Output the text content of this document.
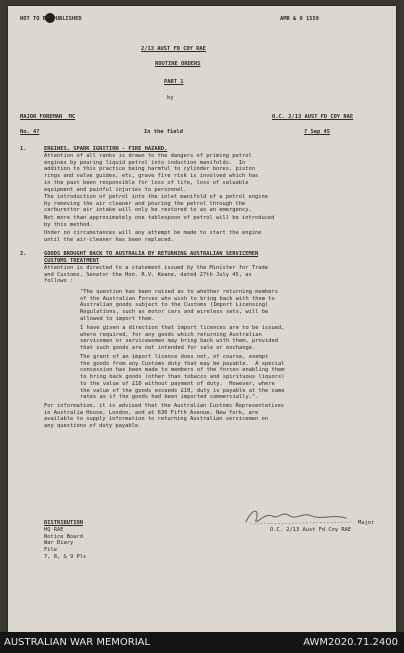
NOT TO BE PUBLISHED	AMR & O 1559
2/13 AUST FD COY RAE
ROUTINE ORDERS
PART 1
by
MAJOR FOREMAN  MC	O.C. 2/13 AUST FD COY RAE
No. 47	In the field	7 Sep 45
1.	ENGINES, SPARK IGNITION - FIRE HAZARD.
Attention of all ranks is drawn to the dangers of priming petrol
engines by pouring liquid petrol into induction manifolds.  In
addition to this practice being harmful to cylinder bores, piston
rings and valve guides, etc, grave fire risk is involved which has
in the past been responsible for loss of life, loss of valuable
equipment and painful injuries to personnel.
The introduction of petrol into the inlet manifold of a petrol engine
by removing the air cleaner and pouring the petrol through the
carburettor air intake will only be restored to as an emergency.
Not more than approximately one tablespoon of petrol will be introduced
by this method.
Under no circumstances will any attempt be made to start the engine
until the air-cleaner has been replaced.
2.	GOODS BROUGHT BACK TO AUSTRALIA BY RETURNING AUSTRALIAN SERVICEMEN
CUSTOMS TREATMENT
Attention is directed to a statement issued by the Minister for Trade
and Customs, Senator the Hon. R.V. Keane, dated 27th July 45, as
follows :
"The question has been raised as to whether returning members
of the Australian Forces who wish to bring back with them to
Australian goods subject to the Customs (Import Licensing)
Regulations, such as motor cars and wireless sets, will be
allowed to import them.
I have given a direction that import licences are to be issued,
where required, for any goods which returning Australian
servicemen or servicewomen may bring back with them, provided
that such goods are not intended for sale or exchange.
The grant of an import licence does not, of course, exempt
the goods from any Customs duty that may be payable.  A special
concession has been made to members of the forces enabling them
to bring back goods (other than tobacco and spirituous liquors)
to the value of £10 without payment of duty.  However, where
the value of the goods exceeds £10, duty is payable at the same
rates as if the goods had been imported commercially.".
For information, it is advised that the Australian Customs Representatives
in Australia House, London, and at 630 Fifth Avenue, New York, are
available to supply information to returning Australian servicemen on
any questions of duty payable.
DISTRIBUTION
HQ RAE
Notice Board
War Diary
File
7, 8, & 9 Pls
Major
O.C. 2/13 Aust Fd Coy RAE
AUSTRALIAN WAR MEMORIAL	AWM2020.71.2400
